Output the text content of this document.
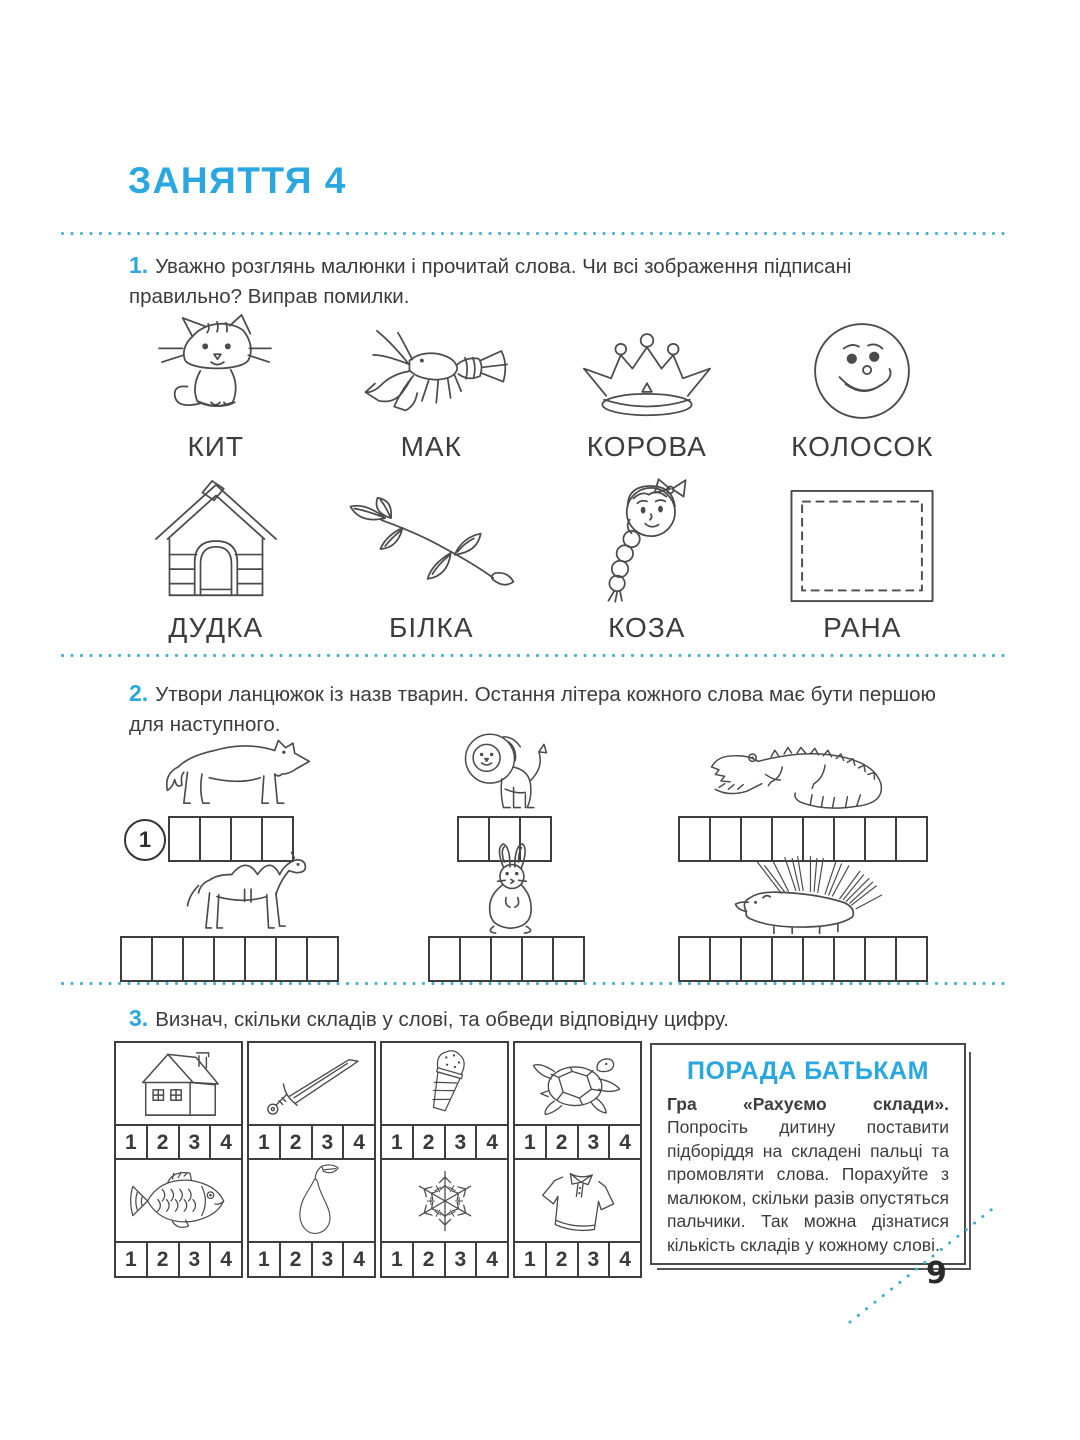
ЗАНЯТТЯ 4
1. Уважно розглянь малюнки і прочитай слова. Чи всі зображення підписані правильно? Виправ помилки.
КИТ	МАК	КОРОВА	КОЛОСОК
ДУДКА	БІЛКА	КОЗА	РАНА
2. Утвори ланцюжок із назв тварин. Остання літера кожного слова має бути першою для наступного.
1
3. Визнач, скільки складів у слові, та обведи відповідну цифру.
1 2 3 4	1 2 3 4	1 2 3 4	1 2 3 4
1 2 3 4	1 2 3 4	1 2 3 4	1 2 3 4
ПОРАДА БАТЬКАМ
Гра «Рахуємо склади». Попросіть дитину поставити підборіддя на складені пальці та промовляти слова. Порахуйте з малюком, скільки разів опустяться пальчики. Так можна дізнатися кількість складів у кожному слові.
9
